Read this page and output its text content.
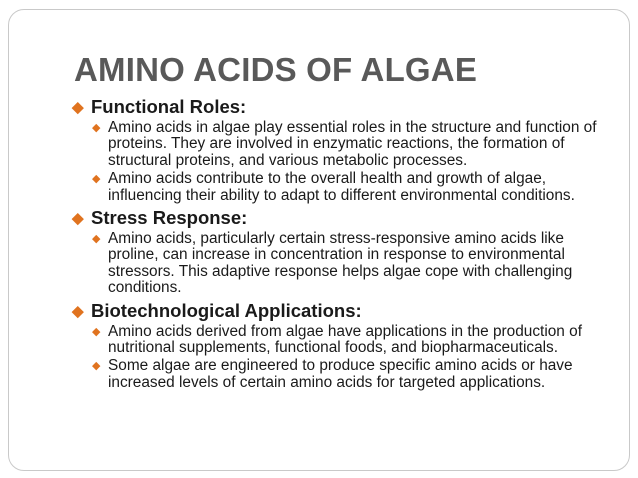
AMINO ACIDS OF ALGAE

◆ Functional Roles:

◆ Amino acids in algae play essential roles in the structure and function of proteins. They are involved in enzymatic reactions, the formation of structural proteins, and various metabolic processes.
◆ Amino acids contribute to the overall health and growth of algae, influencing their ability to adapt to different environmental conditions.

◆ Stress Response:

◆ Amino acids, particularly certain stress-responsive amino acids like proline, can increase in concentration in response to environmental stressors. This adaptive response helps algae cope with challenging conditions.

◆ Biotechnological Applications:

◆ Amino acids derived from algae have applications in the production of nutritional supplements, functional foods, and biopharmaceuticals.
◆ Some algae are engineered to produce specific amino acids or have increased levels of certain amino acids for targeted applications.
